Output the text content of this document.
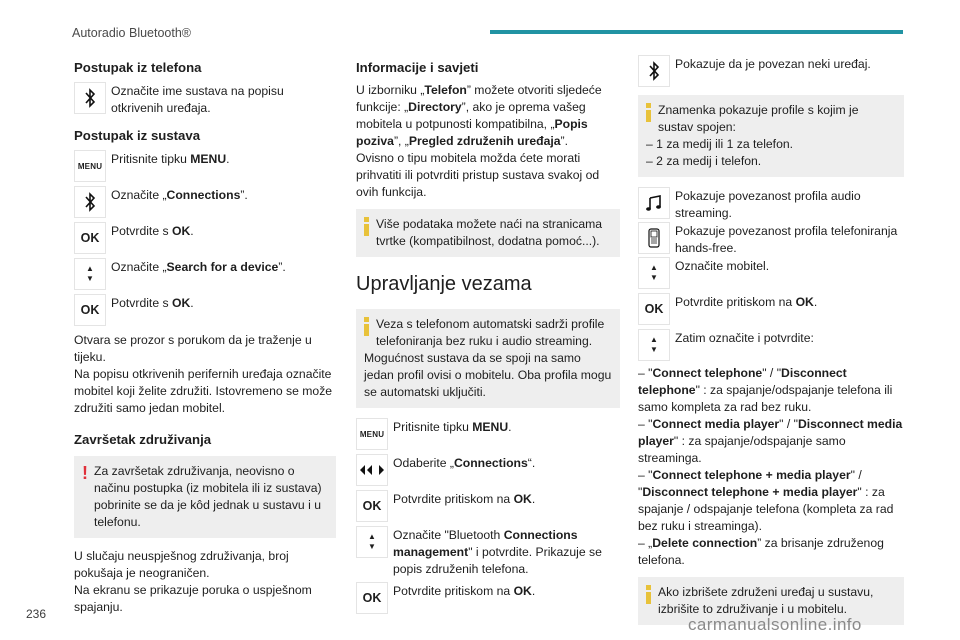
Autoradio Bluetooth®
Postupak iz telefona
Označite ime sustava na popisu otkrivenih uređaja.
Postupak iz sustava
MENU Pritisnite tipku MENU.
Označite „Connections”.
OK Potvrdite s OK.
▲
▼
Označite „Search for a device”.
OK Potvrdite s OK.

Otvara se prozor s porukom da je traženje u tijeku.

Na popisu otkrivenih perifernih uređaja označite mobitel koji želite združiti. Istovremeno se može združiti samo jedan mobitel.

Završetak združivanja
! Za završetak združivanja, neovisno o načinu postupka (iz mobitela ili iz sustava) pobrinite se da je kôd jednak u sustavu i u telefonu.

U slučaju neuspješnog združivanja, broj pokušaja je neograničen.

Na ekranu se prikazuje poruka o uspješnom spajanju.

Informacije i savjeti

U izborniku „Telefon” možete otvoriti sljedeće funkcije: „Directory”, ako je oprema vašeg mobitela u potpunosti kompatibilna, „Popis poziva”, „Pregled združenih uređaja”.

Ovisno o tipu mobitela možda ćete morati prihvatiti ili potvrditi pristup sustava svakoj od ovih funkcija.

Više podataka možete naći na stranicama tvrtke (kompatibilnost, dodatna pomoć...).

Upravljanje vezama

Veza s telefonom automatski sadrži profile telefoniranja bez ruku i audio streaming.

Mogućnost sustava da se spoji na samo jedan profil ovisi o mobitelu. Oba profila mogu se automatski uključiti.

MENU Pritisnite tipku MENU.
Odaberite „Connections“.
OK Potvrdite pritiskom na OK.
▲
▼
Označite "Bluetooth Connections management" i potvrdite. Prikazuje se popis združenih telefona.
OK Potvrdite pritiskom na OK.
Pokazuje da je povezan neki uređaj.

Znamenka pokazuje profile s kojim je sustav spojen:

– 1 za medij ili 1 za telefon.

– 2 za medij i telefon.

Pokazuje povezanost profila audio streaming.
Pokazuje povezanost profila telefoniranja hands-free.
▲
▼
Označite mobitel.
OK Potvrdite pritiskom na OK.
▲
▼
Zatim označite i potvrdite:

– "Connect telephone" / "Disconnect telephone" : za spajanje/odspajanje telefona ili samo kompleta za rad bez ruku.

– "Connect media player" / "Disconnect media player" : za spajanje/odspajanje samo streaminga.

– "Connect telephone + media player" / "Disconnect telephone + media player" : za spajanje / odspajanje telefona (kompleta za rad bez ruku i streaminga).

– „Delete connection” za brisanje združenog telefona.

Ako izbrišete združeni uređaj u sustavu, izbrišite to združivanje i u mobitelu.

236
carmanualsonline.info
